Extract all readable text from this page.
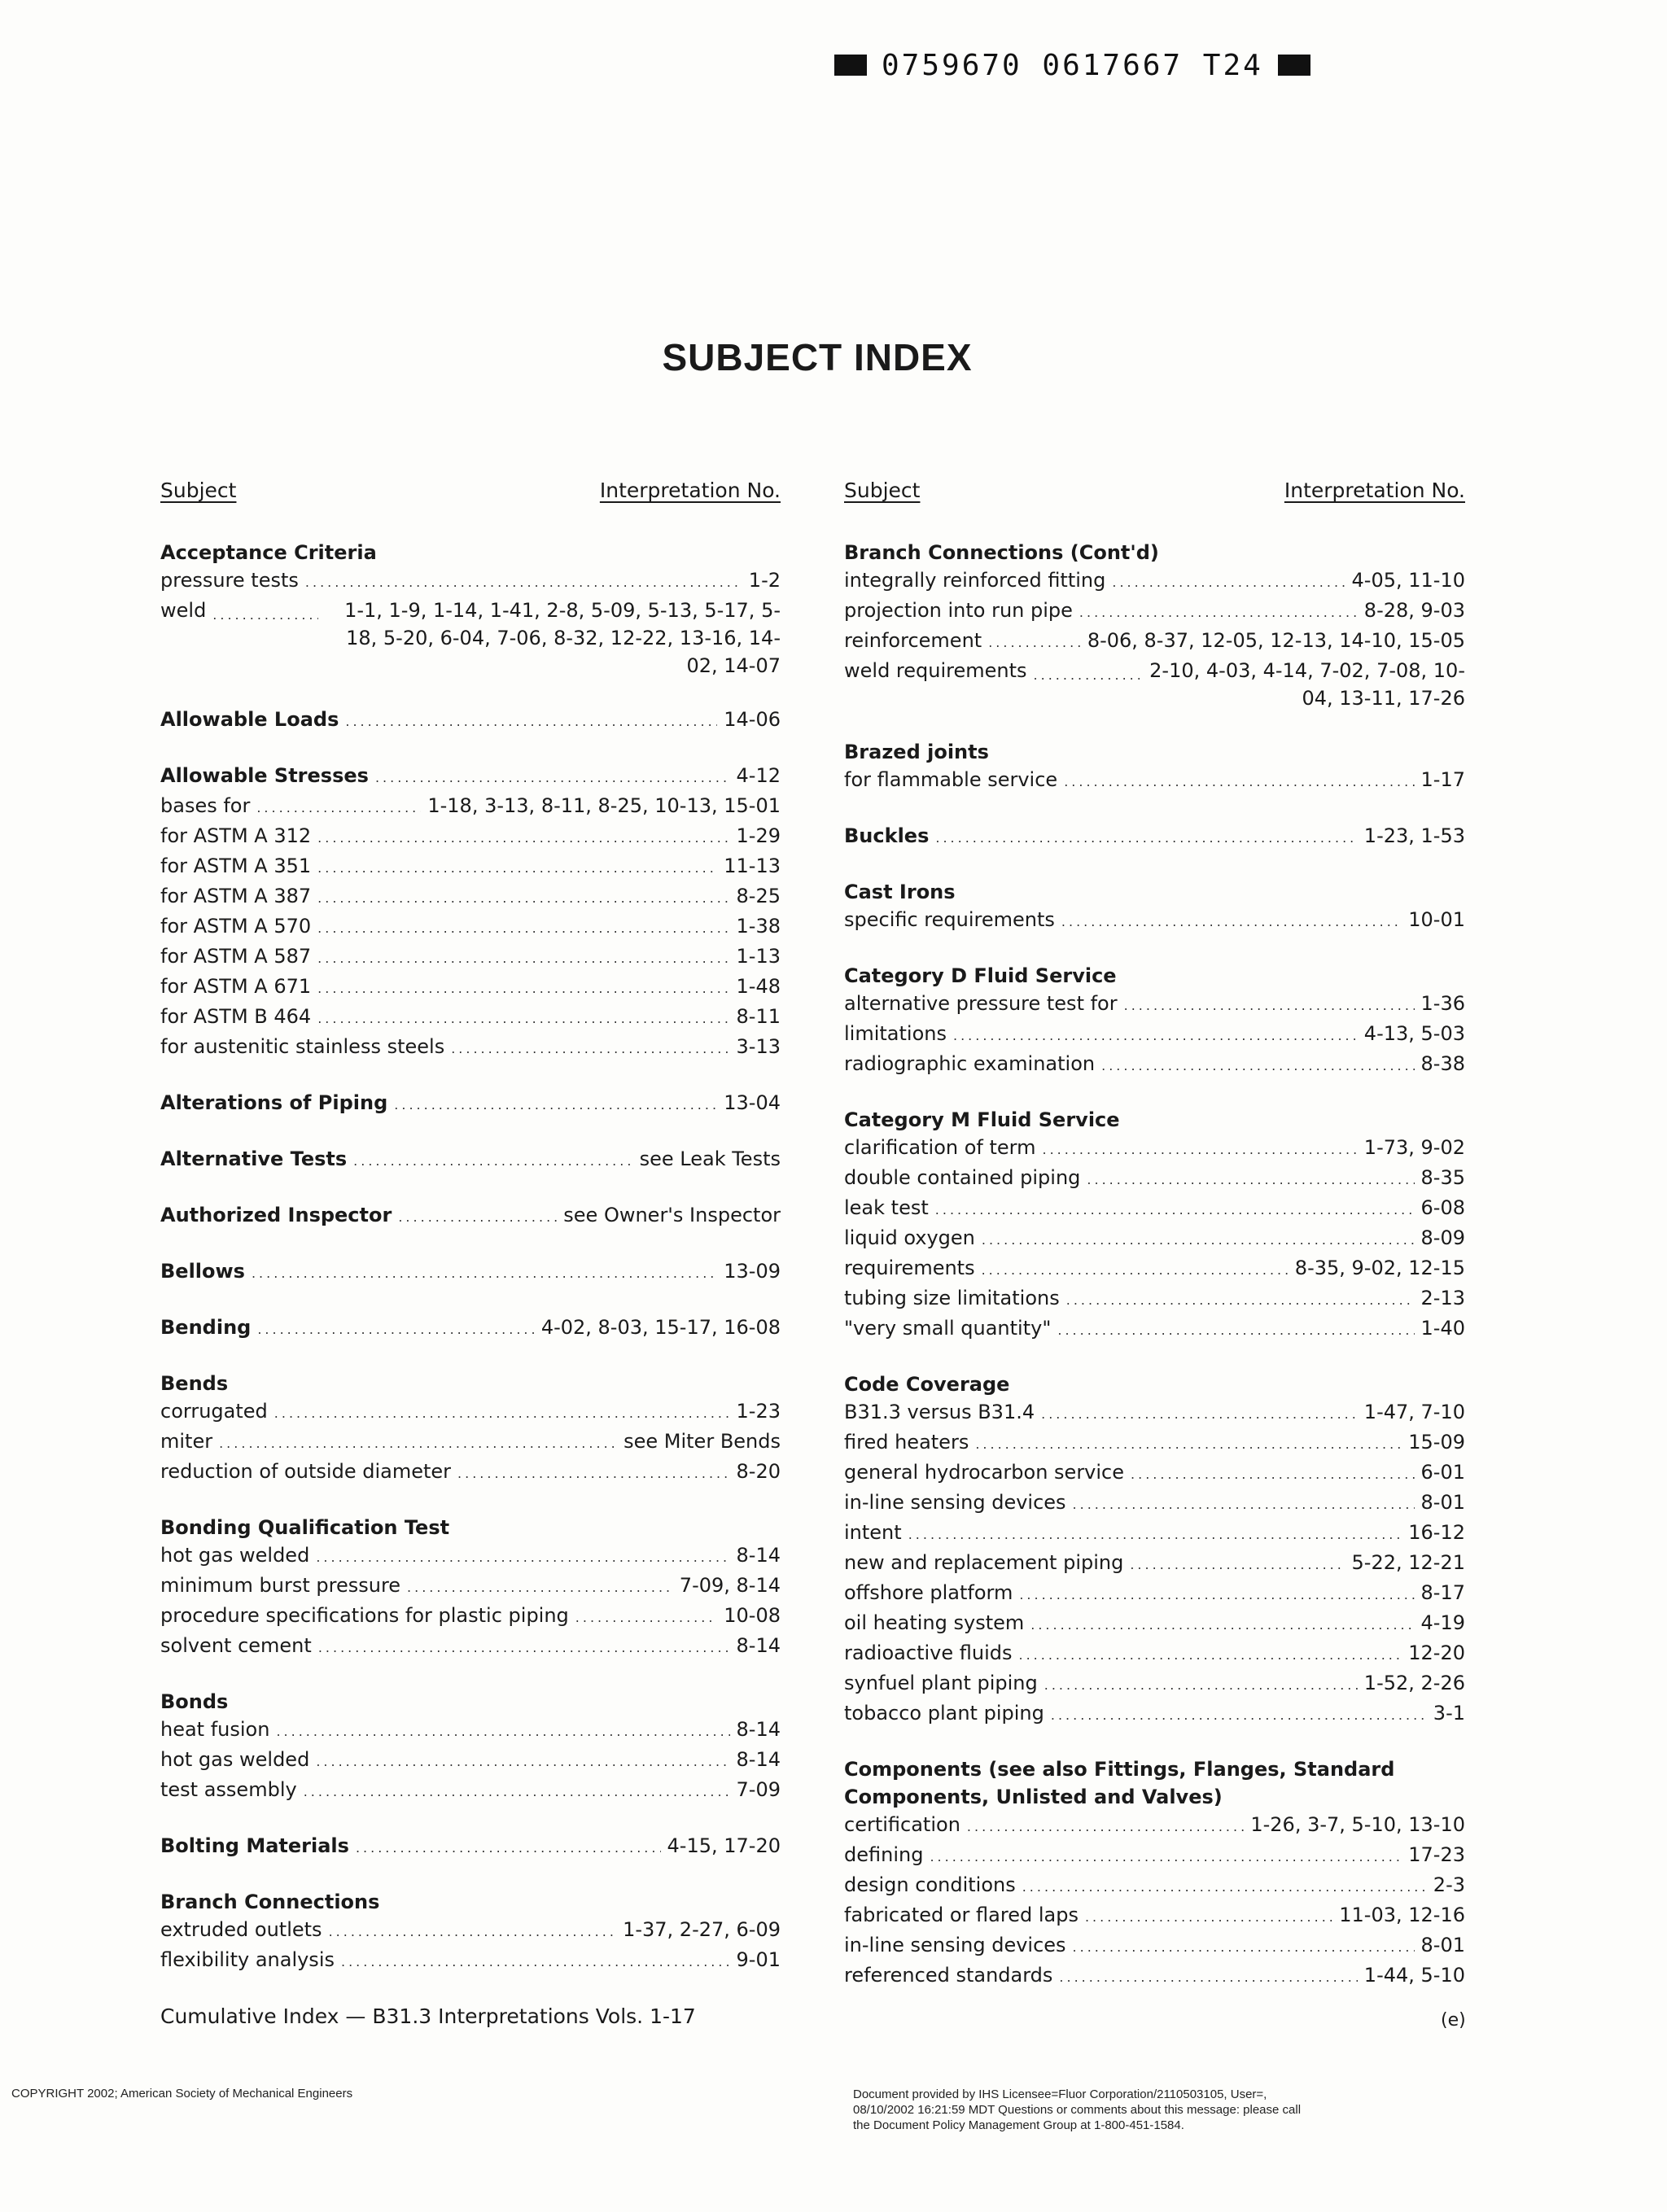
0759670 0617667 T24
SUBJECT INDEX
Subject	Interpretation No.
Acceptance Criteria
pressure tests .....	1-2
weld .....	1-1, 1-9, 1-14, 1-41, 2-8, 5-09, 5-13, 5-17, 5-18, 5-20, 6-04, 7-06, 8-32, 12-22, 13-16, 14-02, 14-07
Allowable Loads .....	14-06
Allowable Stresses .....	4-12
bases for .....	1-18, 3-13, 8-11, 8-25, 10-13, 15-01
for ASTM A 312 .....	1-29
for ASTM A 351 .....	11-13
for ASTM A 387 .....	8-25
for ASTM A 570 .....	1-38
for ASTM A 587 .....	1-13
for ASTM A 671 .....	1-48
for ASTM B 464 .....	8-11
for austenitic stainless steels .....	3-13
Alterations of Piping .....	13-04
Alternative Tests .....	see Leak Tests
Authorized Inspector .....	see Owner's Inspector
Bellows .....	13-09
Bending .....	4-02, 8-03, 15-17, 16-08
Bends
corrugated .....	1-23
miter .....	see Miter Bends
reduction of outside diameter .....	8-20
Bonding Qualification Test
hot gas welded .....	8-14
minimum burst pressure .....	7-09, 8-14
procedure specifications for plastic piping .....	10-08
solvent cement .....	8-14
Bonds
heat fusion .....	8-14
hot gas welded .....	8-14
test assembly .....	7-09
Bolting Materials .....	4-15, 17-20
Branch Connections
extruded outlets .....	1-37, 2-27, 6-09
flexibility analysis .....	9-01
Subject	Interpretation No.
Branch Connections (Cont'd)
integrally reinforced fitting .....	4-05, 11-10
projection into run pipe .....	8-28, 9-03
reinforcement .....	8-06, 8-37, 12-05, 12-13, 14-10, 15-05
weld requirements .....	2-10, 4-03, 4-14, 7-02, 7-08, 10-04, 13-11, 17-26
Brazed joints
for flammable service .....	1-17
Buckles .....	1-23, 1-53
Cast Irons
specific requirements .....	10-01
Category D Fluid Service
alternative pressure test for .....	1-36
limitations .....	4-13, 5-03
radiographic examination .....	8-38
Category M Fluid Service
clarification of term .....	1-73, 9-02
double contained piping .....	8-35
leak test .....	6-08
liquid oxygen .....	8-09
requirements .....	8-35, 9-02, 12-15
tubing size limitations .....	2-13
"very small quantity" .....	1-40
Code Coverage
B31.3 versus B31.4 .....	1-47, 7-10
fired heaters .....	15-09
general hydrocarbon service .....	6-01
in-line sensing devices .....	8-01
intent .....	16-12
new and replacement piping .....	5-22, 12-21
offshore platform .....	8-17
oil heating system .....	4-19
radioactive fluids .....	12-20
synfuel plant piping .....	1-52, 2-26
tobacco plant piping .....	3-1
Components (see also Fittings, Flanges, Standard Components, Unlisted and Valves)
certification .....	1-26, 3-7, 5-10, 13-10
defining .....	17-23
design conditions .....	2-3
fabricated or flared laps .....	11-03, 12-16
in-line sensing devices .....	8-01
referenced standards .....	1-44, 5-10
Cumulative Index — B31.3 Interpretations Vols. 1-17	(e)
COPYRIGHT 2002; American Society of Mechanical Engineers	Document provided by IHS Licensee=Fluor Corporation/2110503105, User=,
08/10/2002 16:21:59 MDT Questions or comments about this message: please call
the Document Policy Management Group at 1-800-451-1584.
